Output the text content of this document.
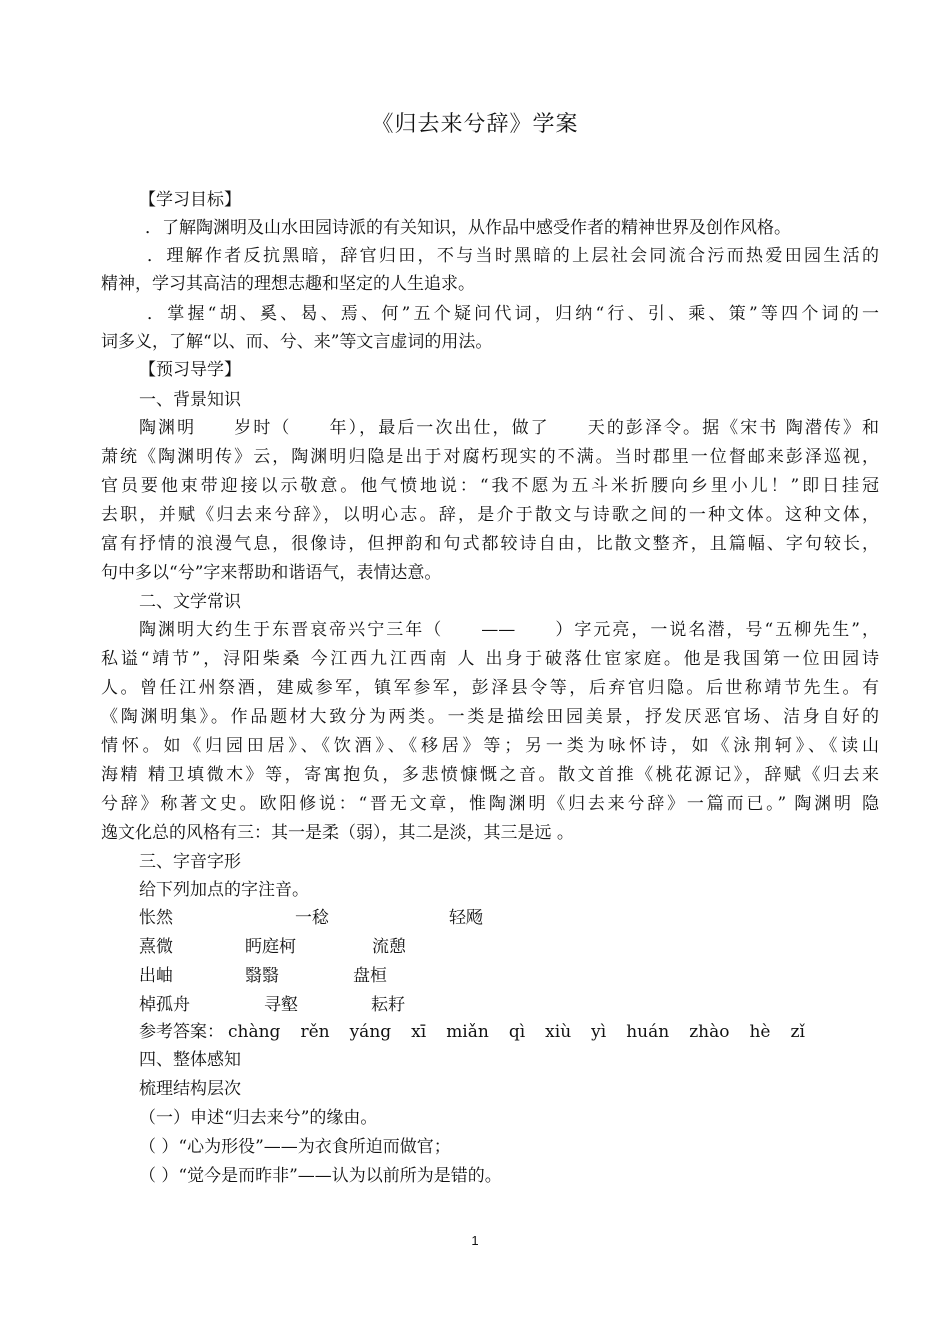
《归去来兮辞》学案
【学习目标】
．了解陶渊明及山水田园诗派的有关知识，从作品中感受作者的精神世界及创作风格。
．理解作者反抗黑暗，辞官归田，不与当时黑暗的上层社会同流合污而热爱田园生活的
精神，学习其高洁的理想志趣和坚定的人生追求。
．掌握“胡、奚、曷、焉、何”五个疑问代词，归纳“行、引、乘、策”等四个词的一
词多义，了解“以、而、兮、来”等文言虚词的用法。
【预习导学】
一、背景知识
陶渊明　　岁时（　　年），最后一次出仕，做了　　天的彭泽令。据《宋书 陶潜传》和
萧统《陶渊明传》云，陶渊明归隐是出于对腐朽现实的不满。当时郡里一位督邮来彭泽巡视，
官员要他束带迎接以示敬意。他气愤地说：“我不愿为五斗米折腰向乡里小儿！”即日挂冠
去职，并赋《归去来兮辞》，以明心志。辞，是介于散文与诗歌之间的一种文体。这种文体，
富有抒情的浪漫气息，很像诗，但押韵和句式都较诗自由，比散文整齐，且篇幅、字句较长，
句中多以“兮”字来帮助和谐语气，表情达意。
二、文学常识
陶渊明大约生于东晋哀帝兴宁三年（　　——　　）字元亮，一说名潜，号“五柳先生”，
私谥“靖节”，浔阳柴桑 今江西九江西南 人 出身于破落仕宦家庭。他是我国第一位田园诗
人。曾任江州祭酒，建威参军，镇军参军，彭泽县令等，后弃官归隐。后世称靖节先生。有
《陶渊明集》。作品题材大致分为两类。一类是描绘田园美景，抒发厌恶官场、洁身自好的
情怀。如《归园田居》、《饮酒》、《移居》等；另一类为咏怀诗，如《泳荆轲》、《读山
海精 精卫填微木》等，寄寓抱负，多悲愤慷慨之音。散文首推《桃花源记》，辞赋《归去来
兮辞》称著文史。欧阳修说：“晋无文章，惟陶渊明《归去来兮辞》一篇而已。” 陶渊明 隐
逸文化总的风格有三：其一是柔（弱），其二是淡，其三是远 。
三、字音字形
给下列加点的字注音。
怅然	一稔	轻飏
熹微	眄庭柯	流憩
出岫	翳翳	盘桓
棹孤舟	寻壑	耘耔
参考答案： chàng rěn yáng xī miǎn qì xiù yì huán zhào hè zǐ
四、整体感知
梳理结构层次
（一）申述“归去来兮”的缘由。
（ ）“心为形役”——为衣食所迫而做官；
（ ）“觉今是而昨非”——认为以前所为是错的。
1
